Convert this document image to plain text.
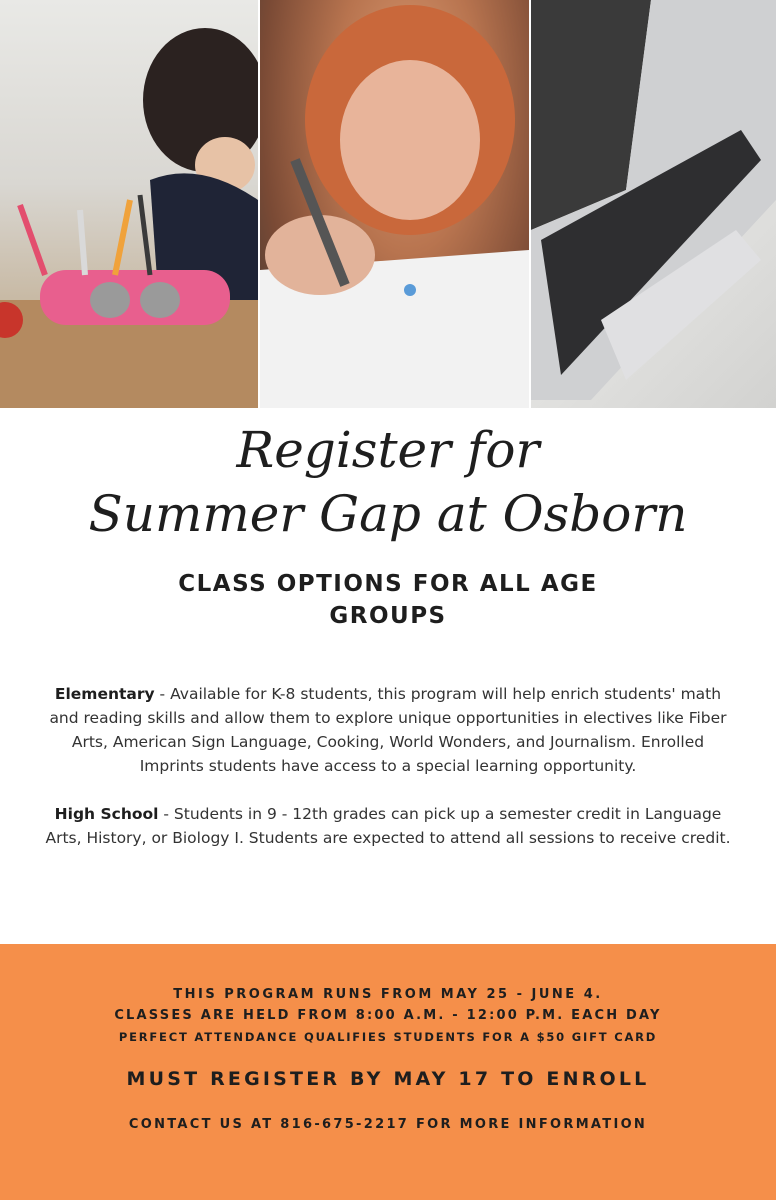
Register for
Summer Gap at Osborn
CLASS OPTIONS FOR ALL AGE GROUPS

Elementary - Available for K-8 students, this program will help enrich students' math and reading skills and allow them to explore unique opportunities in electives like Fiber Arts, American Sign Language, Cooking, World Wonders, and Journalism. Enrolled Imprints students have access to a special learning opportunity.

High School - Students in 9 - 12th grades can pick up a semester credit in Language Arts, History, or Biology I. Students are expected to attend all sessions to receive credit.

THIS PROGRAM RUNS FROM MAY 25 - JUNE 4.
CLASSES ARE HELD FROM 8:00 A.M. - 12:00 P.M. EACH DAY
PERFECT ATTENDANCE QUALIFIES STUDENTS FOR A $50 GIFT CARD
MUST REGISTER BY MAY 17 TO ENROLL
CONTACT US AT 816-675-2217 FOR MORE INFORMATION
